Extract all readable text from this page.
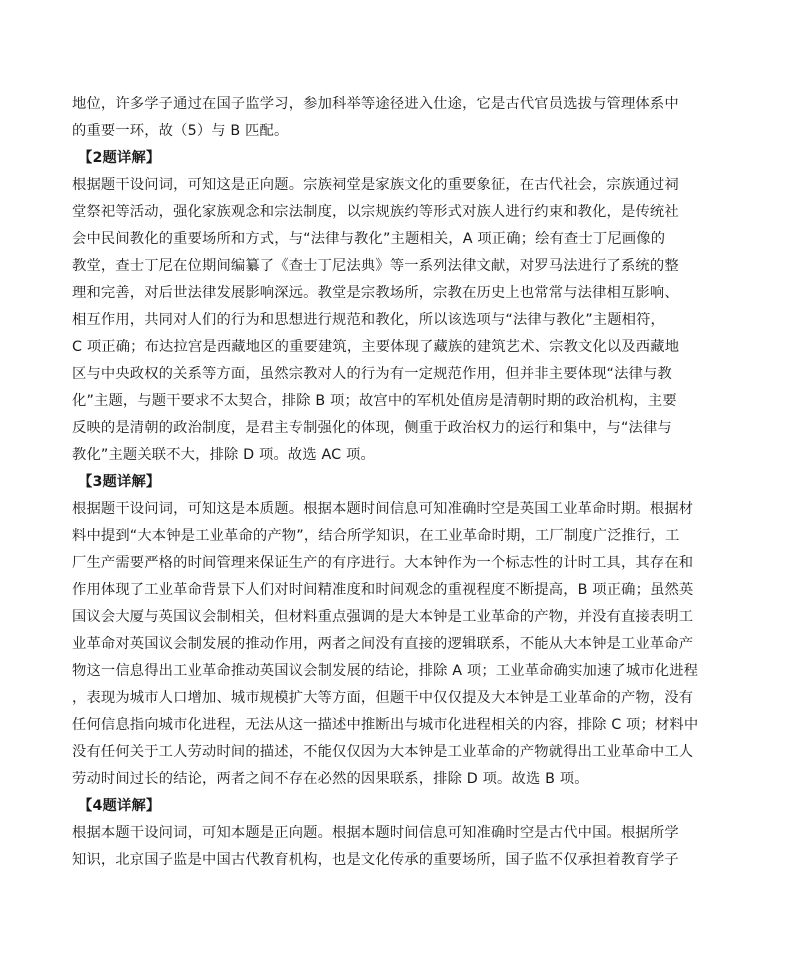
地位，许多学子通过在国子监学习，参加科举等途径进入仕途，它是古代官员选拔与管理体系中
的重要一环，故（5）与 B 匹配。
【2题详解】
根据题干设问词，可知这是正向题。宗族祠堂是家族文化的重要象征，在古代社会，宗族通过祠
堂祭祀等活动，强化家族观念和宗法制度，以宗规族约等形式对族人进行约束和教化，是传统社
会中民间教化的重要场所和方式，与“法律与教化”主题相关，A 项正确；绘有查士丁尼画像的
教堂，查士丁尼在位期间编纂了《查士丁尼法典》等一系列法律文献，对罗马法进行了系统的整
理和完善，对后世法律发展影响深远。教堂是宗教场所，宗教在历史上也常常与法律相互影响、
相互作用，共同对人们的行为和思想进行规范和教化，所以该选项与“法律与教化”主题相符，
C 项正确；布达拉宫是西藏地区的重要建筑，主要体现了藏族的建筑艺术、宗教文化以及西藏地
区与中央政权的关系等方面，虽然宗教对人的行为有一定规范作用，但并非主要体现“法律与教
化”主题，与题干要求不太契合，排除 B 项；故宫中的军机处值房是清朝时期的政治机构，主要
反映的是清朝的政治制度，是君主专制强化的体现，侧重于政治权力的运行和集中，与“法律与
教化”主题关联不大，排除 D 项。故选 AC 项。
【3题详解】
根据题干设问词，可知这是本质题。根据本题时间信息可知准确时空是英国工业革命时期。根据材
料中提到“大本钟是工业革命的产物”，结合所学知识，在工业革命时期，工厂制度广泛推行，工
厂生产需要严格的时间管理来保证生产的有序进行。大本钟作为一个标志性的计时工具，其存在和
作用体现了工业革命背景下人们对时间精准度和时间观念的重视程度不断提高，B 项正确；虽然英
国议会大厦与英国议会制相关，但材料重点强调的是大本钟是工业革命的产物，并没有直接表明工
业革命对英国议会制发展的推动作用，两者之间没有直接的逻辑联系，不能从大本钟是工业革命产
物这一信息得出工业革命推动英国议会制发展的结论，排除 A 项；工业革命确实加速了城市化进程
，表现为城市人口增加、城市规模扩大等方面，但题干中仅仅提及大本钟是工业革命的产物，没有
任何信息指向城市化进程，无法从这一描述中推断出与城市化进程相关的内容，排除 C 项；材料中
没有任何关于工人劳动时间的描述，不能仅仅因为大本钟是工业革命的产物就得出工业革命中工人
劳动时间过长的结论，两者之间不存在必然的因果联系，排除 D 项。故选 B 项。
【4题详解】
根据本题干设问词，可知本题是正向题。根据本题时间信息可知准确时空是古代中国。根据所学
知识，北京国子监是中国古代教育机构，也是文化传承的重要场所，国子监不仅承担着教育学子
